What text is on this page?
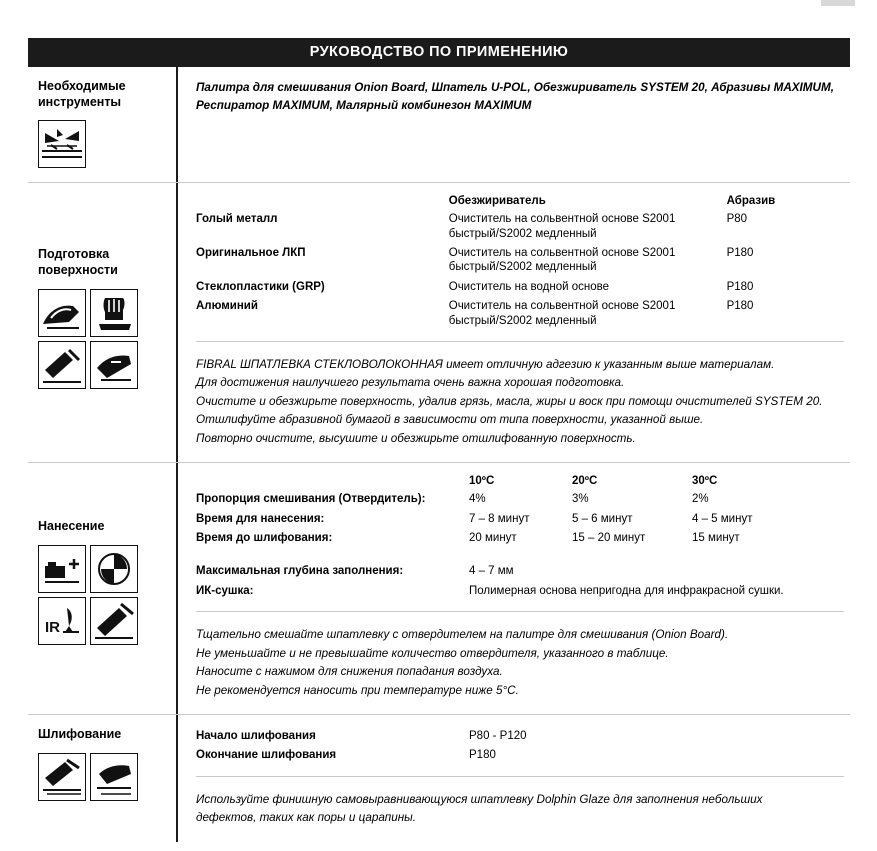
РУКОВОДСТВО ПО ПРИМЕНЕНИЮ
Необходимые
инструменты
Палитра для смешивания Onion Board, Шпатель U-POL, Обезжириватель SYSTEM 20, Абразивы MAXIMUM,
Респиратор MAXIMUM, Малярный комбинезон MAXIMUM
Подготовка
поверхности
	Обезжириватель	Абразив
Голый металл	Очиститель на сольвентной основе S2001 быстрый/S2002 медленный	P80
Оригинальное ЛКП	Очиститель на сольвентной основе S2001 быстрый/S2002 медленный	P180
Стеклопластики (GRP)	Очиститель на водной основе	P180
Алюминий	Очиститель на сольвентной основе S2001 быстрый/S2002 медленный	P180
FIBRAL ШПАТЛЕВКА СТЕКЛОВОЛОКОННАЯ имеет отличную адгезию к указанным выше материалам.
Для достижения наилучшего результата очень важна хорошая подготовка.
Очистите и обезжирьте поверхность, удалив грязь, масла, жиры и воск при помощи очистителей SYSTEM 20.
Отшлифуйте абразивной бумагой в зависимости от типа поверхности, указанной выше.
Повторно очистите, высушите и обезжирьте отшлифованную поверхность.
Нанесение
IR
	10ºC	20ºC	30ºC
Пропорция смешивания (Отвердитель):	4%	3%	2%
Время для нанесения:	7 – 8 минут	5 – 6 минут	4 – 5 минут
Время до шлифования:	20 минут	15 – 20 минут	15 минут
Максимальная глубина заполнения:	4 – 7 мм
ИК-сушка:	Полимерная основа непригодна для инфракрасной сушки.
Тщательно смешайте шпатлевку с отвердителем на палитре для смешивания (Onion Board).
Не уменьшайте и не превышайте количество отвердителя, указанного в таблице.
Наносите с нажимом для снижения попадания воздуха.
Не рекомендуется наносить при температуре ниже 5°C.
Шлифование	Начало шлифования	P80 - P120
Окончание шлифования	P180
Используйте финишную самовыравнивающуюся шпатлевку Dolphin Glaze для заполнения небольших
дефектов, таких как поры и царапины.
